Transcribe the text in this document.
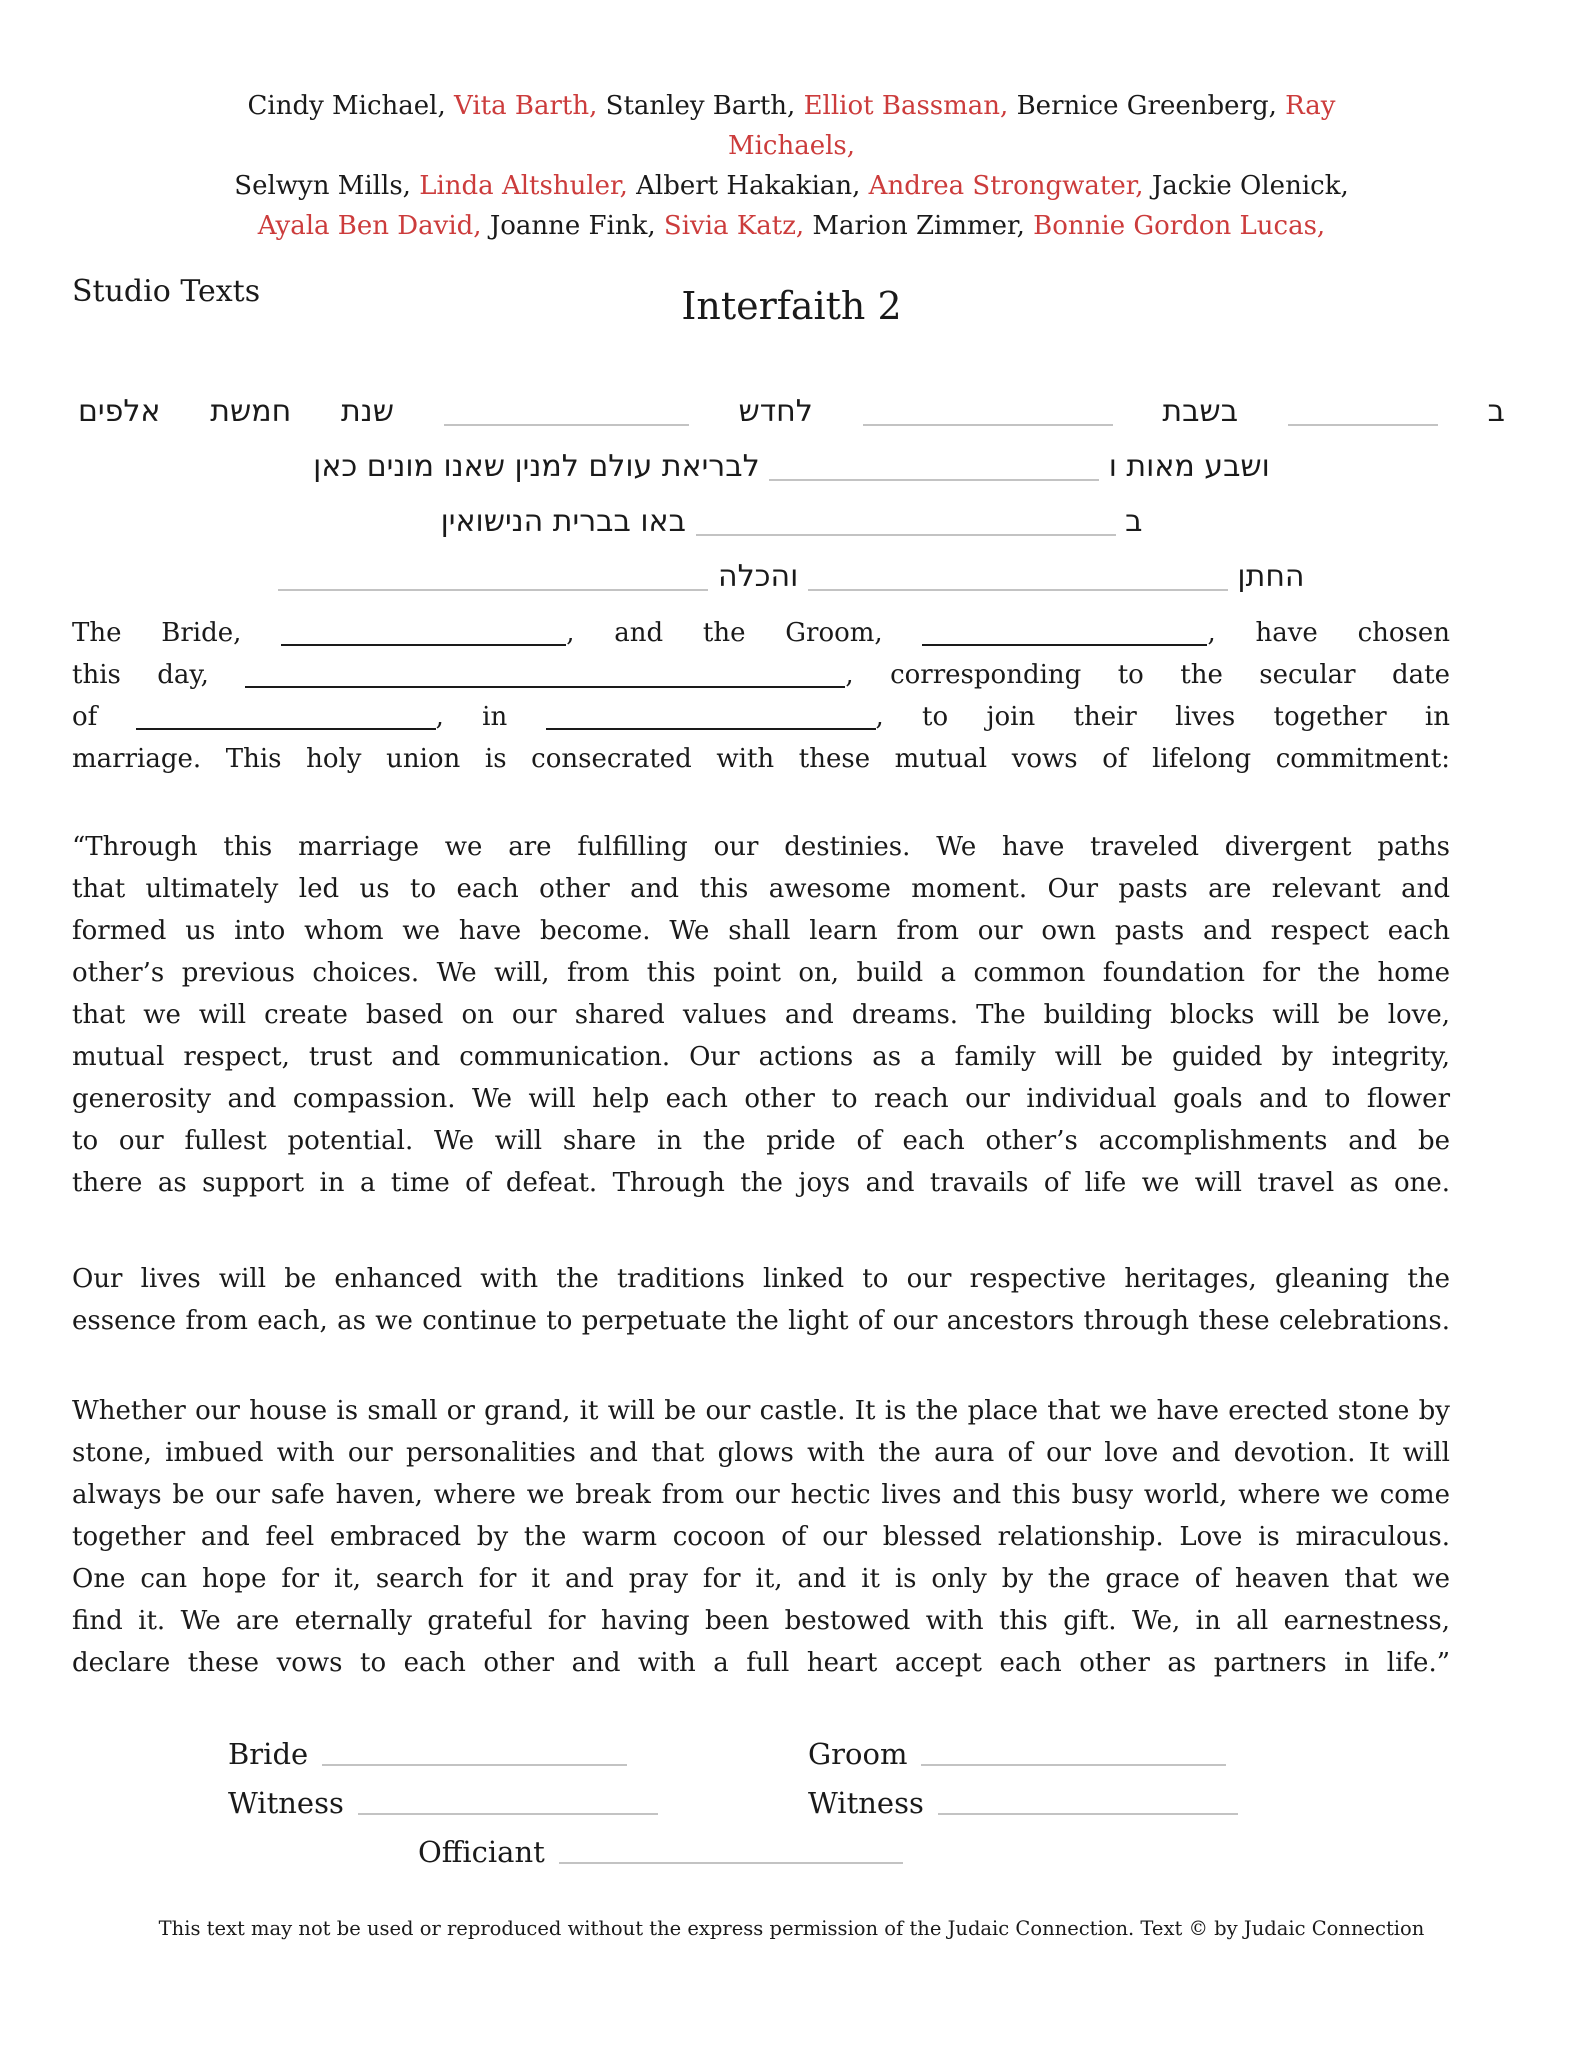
Cindy Michael, Vita Barth, Stanley Barth, Elliot Bassman, Bernice Greenberg, Ray Michaels,
Selwyn Mills, Linda Altshuler, Albert Hakakian, Andrea Strongwater, Jackie Olenick,
Ayala Ben David, Joanne Fink, Sivia Katz, Marion Zimmer, Bonnie Gordon Lucas,
Studio Texts	Interfaith 2
ב  בשבת  לחדש  שנת חמשת אלפים
ושבע מאות ו  לבריאת עולם למנין שאנו מונים כאן
ב  באו בברית הנישואין
החתן  והכלה
The Bride,	, and the Groom,	, have chosen
this day,	, corresponding to the secular date
of	, in	, to join their lives together in
marriage. This holy union is consecrated with these mutual vows of lifelong commitment:
“Through this marriage we are fulfilling our destinies. We have traveled divergent paths
that ultimately led us to each other and this awesome moment. Our pasts are relevant and
formed us into whom we have become. We shall learn from our own pasts and respect each
other’s previous choices. We will, from this point on, build a common foundation for the home
that we will create based on our shared values and dreams. The building blocks will be love,
mutual respect, trust and communication. Our actions as a family will be guided by integrity,
generosity and compassion. We will help each other to reach our individual goals and to flower
to our fullest potential. We will share in the pride of each other’s accomplishments and be
there as support in a time of defeat. Through the joys and travails of life we will travel as one.
Our lives will be enhanced with the traditions linked to our respective heritages, gleaning the
essence from each, as we continue to perpetuate the light of our ancestors through these celebrations.
Whether our house is small or grand, it will be our castle. It is the place that we have erected stone by
stone, imbued with our personalities and that glows with the aura of our love and devotion. It will
always be our safe haven, where we break from our hectic lives and this busy world, where we come
together and feel embraced by the warm cocoon of our blessed relationship. Love is miraculous.
One can hope for it, search for it and pray for it, and it is only by the grace of heaven that we
find it. We are eternally grateful for having been bestowed with this gift. We, in all earnestness,
declare these vows to each other and with a full heart accept each other as partners in life.”
Bride	Groom
Witness	Witness
Officiant
This text may not be used or reproduced without the express permission of the Judaic Connection. Text © by Judaic Connection
